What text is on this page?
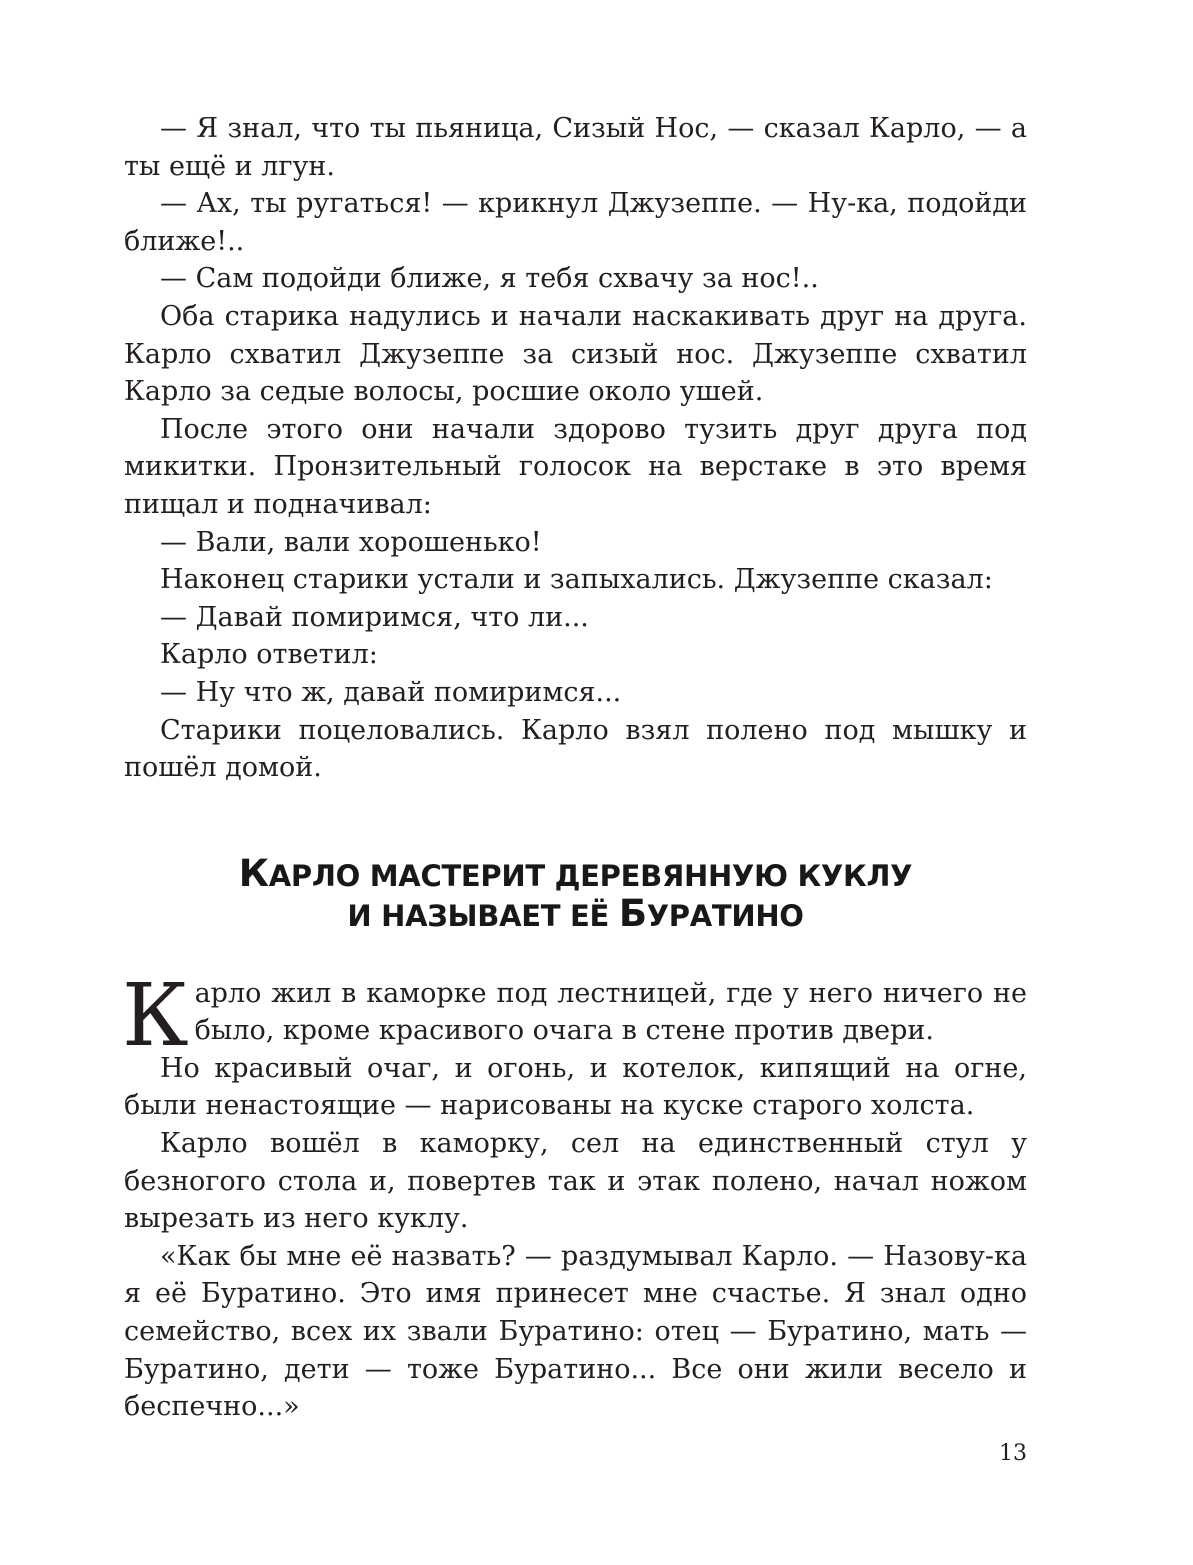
— Я знал, что ты пьяница, Сизый Нос, — сказал Карло, — а ты ещё и лгун.

— Ах, ты ругаться! — крикнул Джузеппе. — Ну-ка, подойди ближе!..

— Сам подойди ближе, я тебя схвачу за нос!..

Оба старика надулись и начали наскакивать друг на друга. Карло схватил Джузеппе за сизый нос. Джузеппе схватил Карло за седые волосы, росшие около ушей.

После этого они начали здорово тузить друг друга под микитки. Пронзительный голосок на верстаке в это время пищал и подначивал:

— Вали, вали хорошенько!

Наконец старики устали и запыхались. Джузеппе сказал:

— Давай помиримся, что ли...

Карло ответил:

— Ну что ж, давай помиримся...

Старики поцеловались. Карло взял полено под мышку и пошёл домой.

КАРЛО МАСТЕРИТ ДЕРЕВЯННУЮ КУКЛУ
И НАЗЫВАЕТ ЕЁ БУРАТИНО

Карло жил в каморке под лестницей, где у него ничего не было, кроме красивого очага в стене против двери.

Но красивый очаг, и огонь, и котелок, кипящий на огне, были ненастоящие — нарисованы на куске старого холста.

Карло вошёл в каморку, сел на единственный стул у безногого стола и, повертев так и этак полено, начал ножом вырезать из него куклу.

«Как бы мне её назвать? — раздумывал Карло. — Назову-ка я её Буратино. Это имя принесет мне счастье. Я знал одно семейство, всех их звали Буратино: отец — Буратино, мать — Буратино, дети — тоже Буратино... Все они жили весело и беспечно...»

13
